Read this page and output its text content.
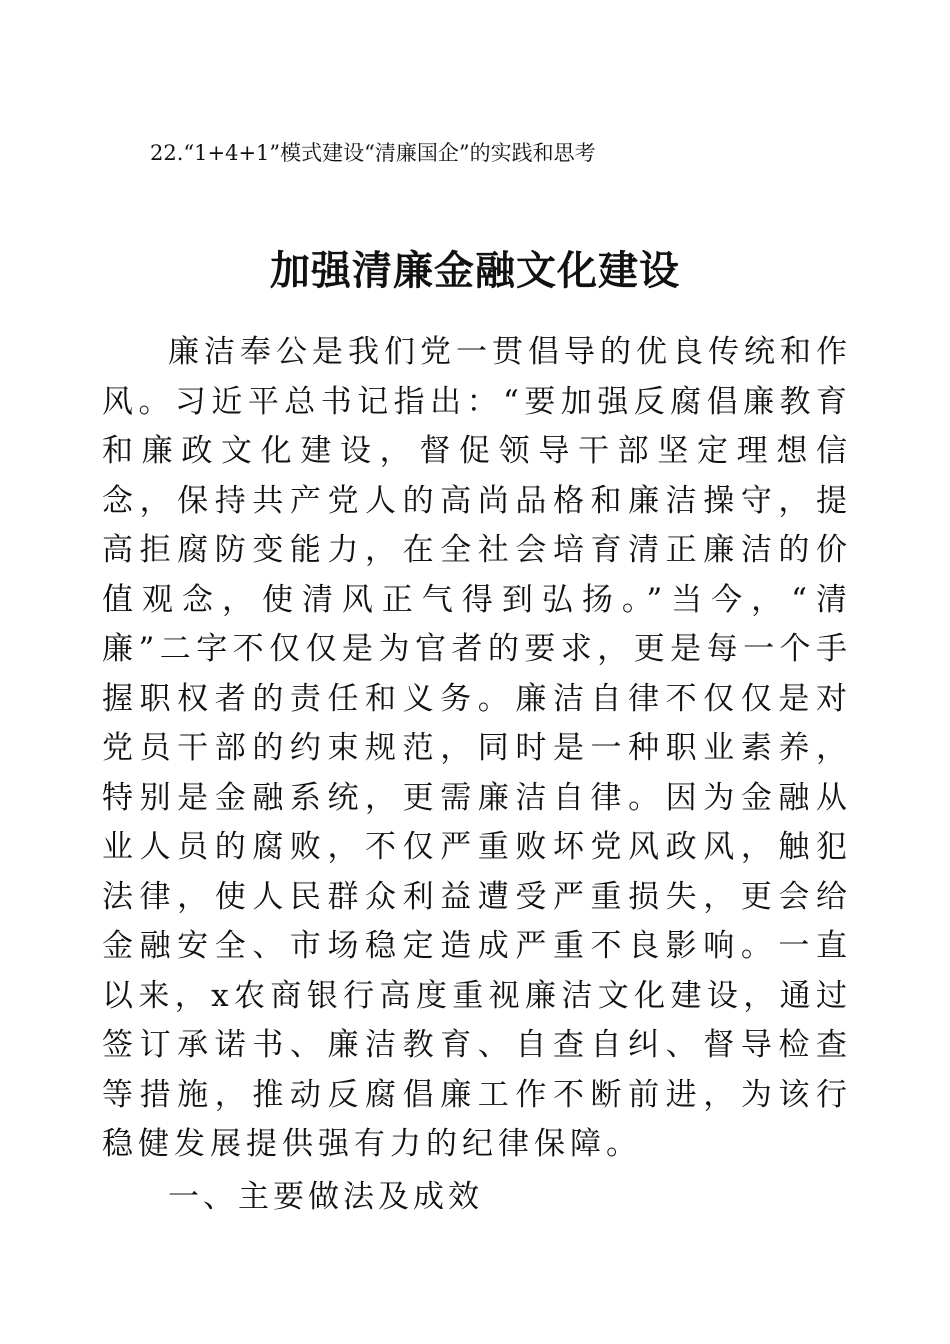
22.“1+4+1”模式建设“清廉国企”的实践和思考
加强清廉金融文化建设

廉洁奉公是我们党一贯倡导的优良传统和作风。习近平总书记指出：“要加强反腐倡廉教育和廉政文化建设，督促领导干部坚定理想信念，保持共产党人的高尚品格和廉洁操守，提高拒腐防变能力，在全社会培育清正廉洁的价值观念，使清风正气得到弘扬。”当今，“清廉”二字不仅仅是为官者的要求，更是每一个手握职权者的责任和义务。廉洁自律不仅仅是对党员干部的约束规范，同时是一种职业素养，特别是金融系统，更需廉洁自律。因为金融从业人员的腐败，不仅严重败坏党风政风，触犯法律，使人民群众利益遭受严重损失，更会给金融安全、市场稳定造成严重不良影响。一直以来，x农商银行高度重视廉洁文化建设，通过签订承诺书、廉洁教育、自查自纠、督导检查等措施，推动反腐倡廉工作不断前进，为该行稳健发展提供强有力的纪律保障。

一、主要做法及成效
